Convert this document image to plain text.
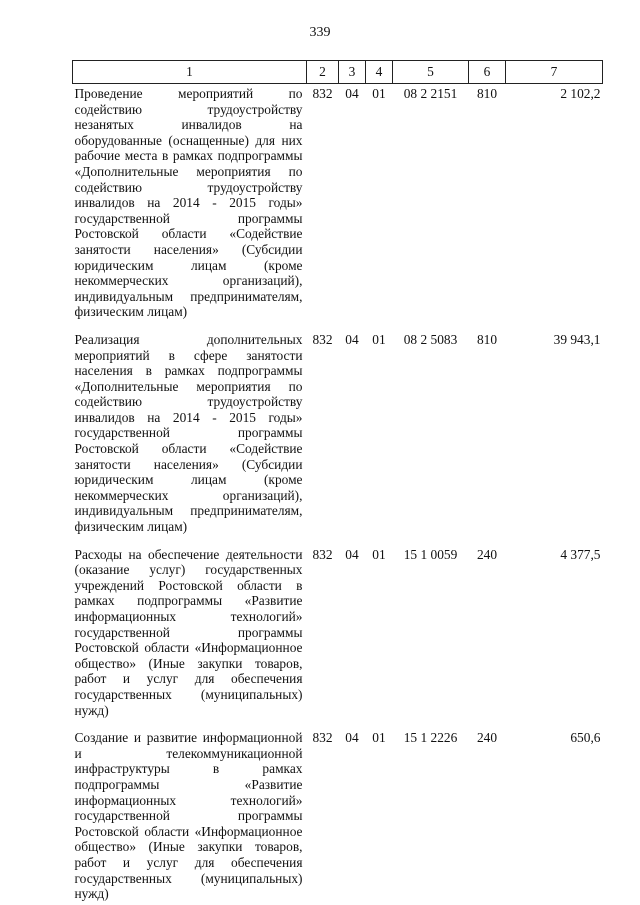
339
1	2	3	4	5	6	7
Проведение мероприятий по содействию трудоустройству незанятых инвалидов на оборудованные (оснащенные) для них рабочие места в рамках подпрограммы «Дополнительные мероприятия по содействию трудоустройству инвалидов на 2014 - 2015 годы» государственной программы Ростовской области «Содействие занятости населения» (Субсидии юридическим лицам (кроме некоммерческих организаций), индивидуальным предпринимателям, физическим лицам)	832	04	01	08 2 2151	810	2 102,2

Реализация дополнительных мероприятий в сфере занятости населения в рамках подпрограммы «Дополнительные мероприятия по содействию трудоустройству инвалидов на 2014 - 2015 годы» государственной программы Ростовской области «Содействие занятости населения» (Субсидии юридическим лицам (кроме некоммерческих организаций), индивидуальным предпринимателям, физическим лицам)	832	04	01	08 2 5083	810	39 943,1

Расходы на обеспечение деятельности (оказание услуг) государственных учреждений Ростовской области в рамках подпрограммы «Развитие информационных технологий» государственной программы Ростовской области «Информационное общество» (Иные закупки товаров, работ и услуг для обеспечения государственных (муниципальных) нужд)	832	04	01	15 1 0059	240	4 377,5

Создание и развитие информационной и телекоммуникационной инфраструктуры в рамках подпрограммы «Развитие информационных технологий» государственной программы Ростовской области «Информационное общество» (Иные закупки товаров, работ и услуг для обеспечения государственных (муниципальных) нужд)	832	04	01	15 1 2226	240	650,6
